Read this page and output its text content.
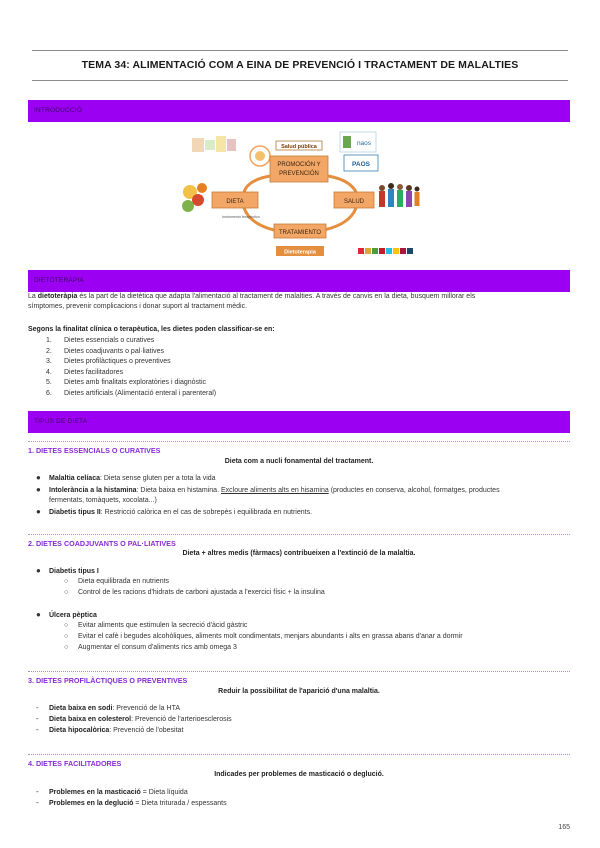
TEMA 34: ALIMENTACIÓ COM A EINA DE PREVENCIÓ I TRACTAMENT DE MALALTIES
INTRODUCCIÓ
Salud pública
PROMOCIÓN Y
PREVENCIÓN
naos
PAOS
DIETA
Instrumento terapéutico
SALUD
TRATAMIENTO
Dietoterapia
DIETOTERÀPIA
La dietoteràpia és la part de la dietètica que adapta l'alimentació al tractament de malalties. A través de canvis en la dieta, busquem millorar els
símptomes, prevenir complicacions i donar suport al tractament mèdic.
Segons la finalitat clínica o terapèutica, les dietes poden classificar-se en:
1. Dietes essencials o curatives
2. Dietes coadjuvants o pal·liatives
3. Dietes profilàctiques o preventives
4. Dietes facilitadores
5. Dietes amb finalitats exploratòries i diagnòstic
6. Dietes artificials (Alimentació enteral i parenteral)
TIPUS DE DIETA
1. DIETES ESSENCIALS O CURATIVES
Dieta com a nucli fonamental del tractament.
● Malaltia celíaca: Dieta sense gluten per a tota la vida
● Intolerància a la histamina: Dieta baixa en histamina. Excloure aliments alts en hisamina (productes en conserva, alcohol, formatges, productes
fermentats, tomàquets, xocolata...)
● Diabetis tipus II: Restricció calòrica en el cas de sobrepès i equilibrada en nutrients.
2. DIETES COADJUVANTS O PAL·LIATIVES
Dieta + altres medis (fàrmacs) contribueixen a l'extinció de la malaltia.
● Diabetis tipus I
○ Dieta equilibrada en nutrients
○ Control de les racions d'hidrats de carboni ajustada a l'exercici físic + la insulina
● Úlcera pèptica
○ Evitar aliments que estimulen la secreció d'àcid gàstric
○ Evitar el cafè i begudes alcohòliques, aliments molt condimentats, menjars abundants i alts en grassa abans d'anar a dormir
○ Augmentar el consum d'aliments rics amb omega 3
3. DIETES PROFILÀCTIQUES O PREVENTIVES
Reduir la possibilitat de l'aparició d'una malaltia.
- Dieta baixa en sodi: Prevenció de la HTA
- Dieta baixa en colesterol: Prevenció de l'arterioesclerosis
- Dieta hipocalòrica: Prevenció de l'obesitat
4. DIETES FACILITADORES
Indicades per problemes de masticació o deglució.
- Problemes en la masticació = Dieta líquida
- Problemes en la deglució = Dieta triturada / espessants
165
